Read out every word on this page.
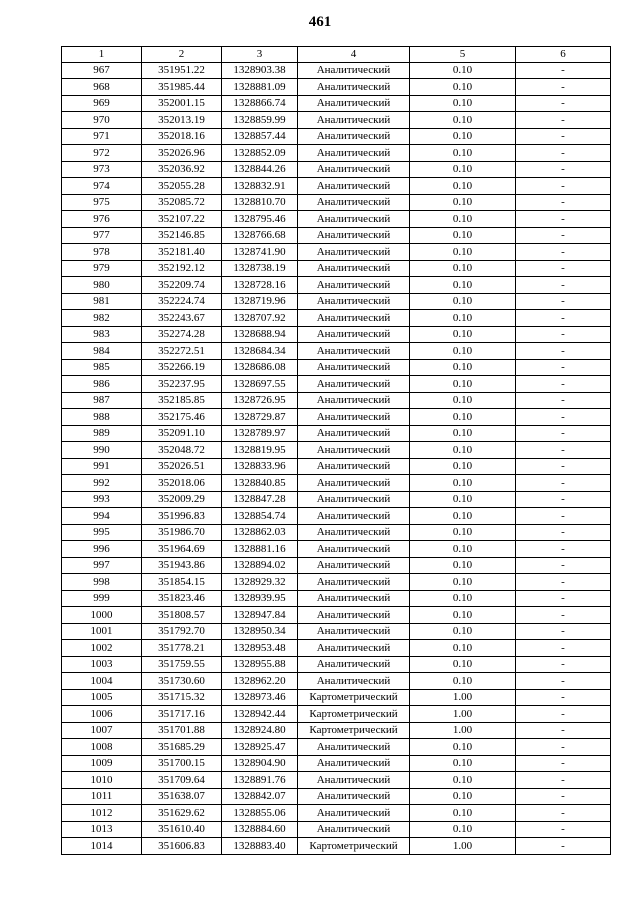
461
1	2	3	4	5	6
967	351951.22	1328903.38	Аналитический	0.10	-
968	351985.44	1328881.09	Аналитический	0.10	-
969	352001.15	1328866.74	Аналитический	0.10	-
970	352013.19	1328859.99	Аналитический	0.10	-
971	352018.16	1328857.44	Аналитический	0.10	-
972	352026.96	1328852.09	Аналитический	0.10	-
973	352036.92	1328844.26	Аналитический	0.10	-
974	352055.28	1328832.91	Аналитический	0.10	-
975	352085.72	1328810.70	Аналитический	0.10	-
976	352107.22	1328795.46	Аналитический	0.10	-
977	352146.85	1328766.68	Аналитический	0.10	-
978	352181.40	1328741.90	Аналитический	0.10	-
979	352192.12	1328738.19	Аналитический	0.10	-
980	352209.74	1328728.16	Аналитический	0.10	-
981	352224.74	1328719.96	Аналитический	0.10	-
982	352243.67	1328707.92	Аналитический	0.10	-
983	352274.28	1328688.94	Аналитический	0.10	-
984	352272.51	1328684.34	Аналитический	0.10	-
985	352266.19	1328686.08	Аналитический	0.10	-
986	352237.95	1328697.55	Аналитический	0.10	-
987	352185.85	1328726.95	Аналитический	0.10	-
988	352175.46	1328729.87	Аналитический	0.10	-
989	352091.10	1328789.97	Аналитический	0.10	-
990	352048.72	1328819.95	Аналитический	0.10	-
991	352026.51	1328833.96	Аналитический	0.10	-
992	352018.06	1328840.85	Аналитический	0.10	-
993	352009.29	1328847.28	Аналитический	0.10	-
994	351996.83	1328854.74	Аналитический	0.10	-
995	351986.70	1328862.03	Аналитический	0.10	-
996	351964.69	1328881.16	Аналитический	0.10	-
997	351943.86	1328894.02	Аналитический	0.10	-
998	351854.15	1328929.32	Аналитический	0.10	-
999	351823.46	1328939.95	Аналитический	0.10	-
1000	351808.57	1328947.84	Аналитический	0.10	-
1001	351792.70	1328950.34	Аналитический	0.10	-
1002	351778.21	1328953.48	Аналитический	0.10	-
1003	351759.55	1328955.88	Аналитический	0.10	-
1004	351730.60	1328962.20	Аналитический	0.10	-
1005	351715.32	1328973.46	Картометрический	1.00	-
1006	351717.16	1328942.44	Картометрический	1.00	-
1007	351701.88	1328924.80	Картометрический	1.00	-
1008	351685.29	1328925.47	Аналитический	0.10	-
1009	351700.15	1328904.90	Аналитический	0.10	-
1010	351709.64	1328891.76	Аналитический	0.10	-
1011	351638.07	1328842.07	Аналитический	0.10	-
1012	351629.62	1328855.06	Аналитический	0.10	-
1013	351610.40	1328884.60	Аналитический	0.10	-
1014	351606.83	1328883.40	Картометрический	1.00	-
